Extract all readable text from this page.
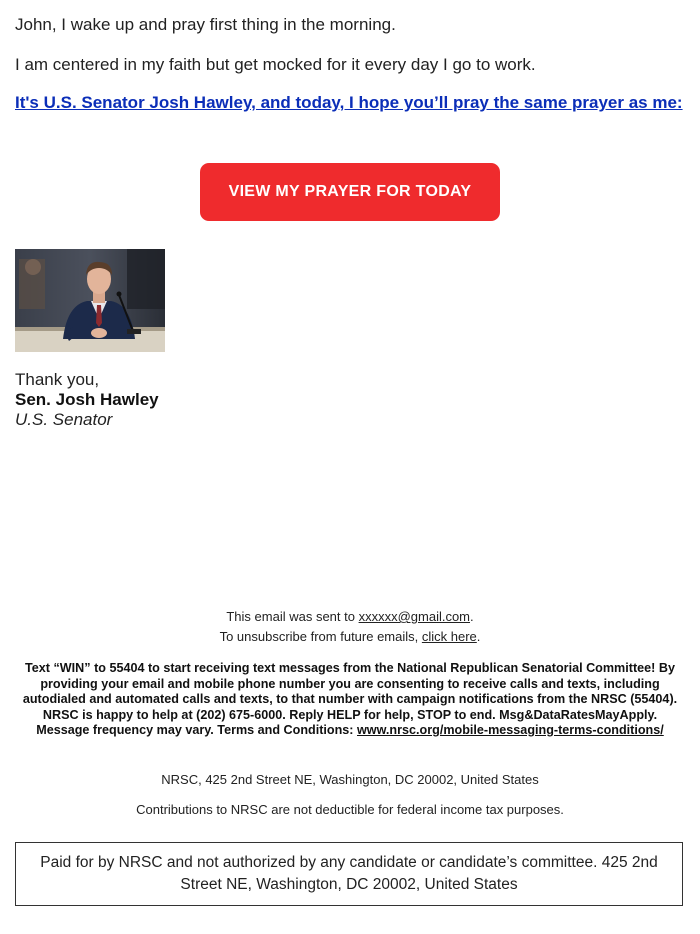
John, I wake up and pray first thing in the morning.

I am centered in my faith but get mocked for it every day I go to work.

It's U.S. Senator Josh Hawley, and today, I hope you’ll pray the same prayer as me:
VIEW MY PRAYER FOR TODAY
Thank you,
Sen. Josh Hawley
U.S. Senator
This email was sent to xxxxxx@gmail.com.
To unsubscribe from future emails, click here.
Text “WIN” to 55404 to start receiving text messages from the National Republican Senatorial Committee! By providing your email and mobile phone number you are consenting to receive calls and texts, including autodialed and automated calls and texts, to that number with campaign notifications from the NRSC (55404). NRSC is happy to help at (202) 675-6000. Reply HELP for help, STOP to end. Msg&DataRatesMayApply. Message frequency may vary. Terms and Conditions: www.nrsc.org/mobile-messaging-terms-conditions/
NRSC, 425 2nd Street NE, Washington, DC 20002, United States
Contributions to NRSC are not deductible for federal income tax purposes.
Paid for by NRSC and not authorized by any candidate or candidate’s committee. 425 2nd Street NE, Washington, DC 20002, United States
